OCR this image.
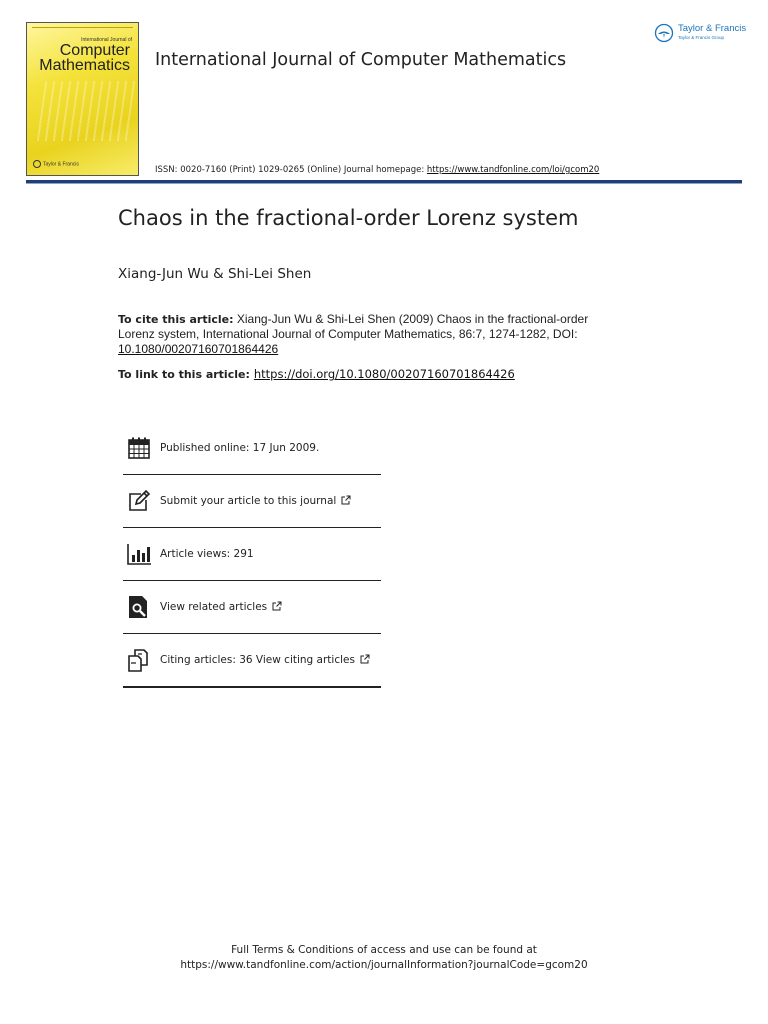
International Journal of
Computer
Mathematics
Taylor & Francis
International Journal of Computer Mathematics
Taylor & Francis
Taylor & Francis Group
ISSN: 0020-7160 (Print) 1029-0265 (Online) Journal homepage: https://www.tandfonline.com/loi/gcom20
Chaos in the fractional-order Lorenz system
Xiang-Jun Wu & Shi-Lei Shen
To cite this article: Xiang-Jun Wu & Shi-Lei Shen (2009) Chaos in the fractional-order Lorenz system, International Journal of Computer Mathematics, 86:7, 1274-1282, DOI: 10.1080/00207160701864426
To link to this article: https://doi.org/10.1080/00207160701864426
Published online: 17 Jun 2009.
Submit your article to this journal
Article views: 291
View related articles
Citing articles: 36 View citing articles
Full Terms & Conditions of access and use can be found at
https://www.tandfonline.com/action/journalInformation?journalCode=gcom20
